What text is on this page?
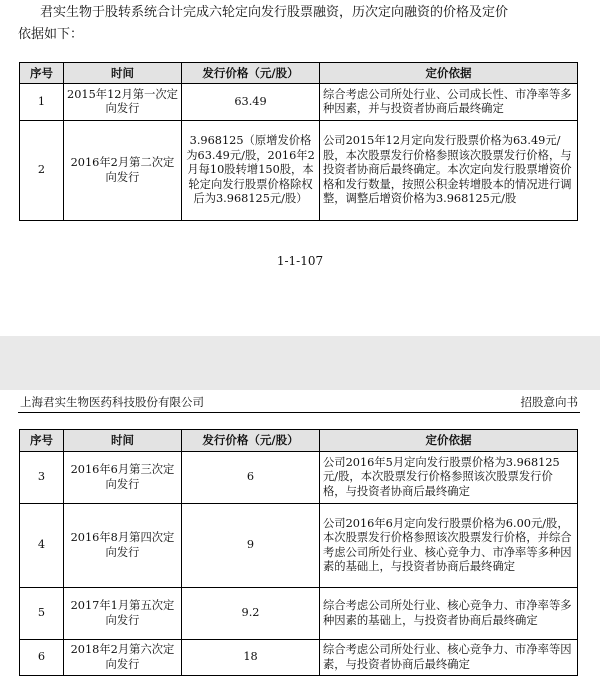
君实生物于股转系统合计完成六轮定向发行股票融资，历次定向融资的价格及定价
依据如下：

序号	时间	发行价格（元/股）	定价依据
1	2015年12月第一次定向发行	63.49	综合考虑公司所处行业、公司成长性、市净率等多种因素，并与投资者协商后最终确定
2	2016年2月第二次定向发行	3.968125（原增发价格为63.49元/股，2016年2月每10股转增150股，本轮定向发行股票价格除权后为3.968125元/股）	公司2015年12月定向发行股票价格为63.49元/股，本次股票发行价格参照该次股票发行价格，与投资者协商后最终确定。本次定向发行股票增资价格和发行数量，按照公积金转增股本的情况进行调整，调整后增资价格为3.968125元/股
1-1-107
上海君实生物医药科技股份有限公司	招股意向书
序号	时间	发行价格（元/股）	定价依据
3	2016年6月第三次定向发行	6	公司2016年5月定向发行股票价格为3.968125元/股，本次股票发行价格参照该次股票发行价格，与投资者协商后最终确定
4	2016年8月第四次定向发行	9	公司2016年6月定向发行股票价格为6.00元/股，本次股票发行价格参照该次股票发行价格，并综合考虑公司所处行业、核心竞争力、市净率等多种因素的基础上，与投资者协商后最终确定
5	2017年1月第五次定向发行	9.2	综合考虑公司所处行业、核心竞争力、市净率等多种因素的基础上，与投资者协商后最终确定
6	2018年2月第六次定向发行	18	综合考虑公司所处行业、核心竞争力、市净率等因素，与投资者协商后最终确定
